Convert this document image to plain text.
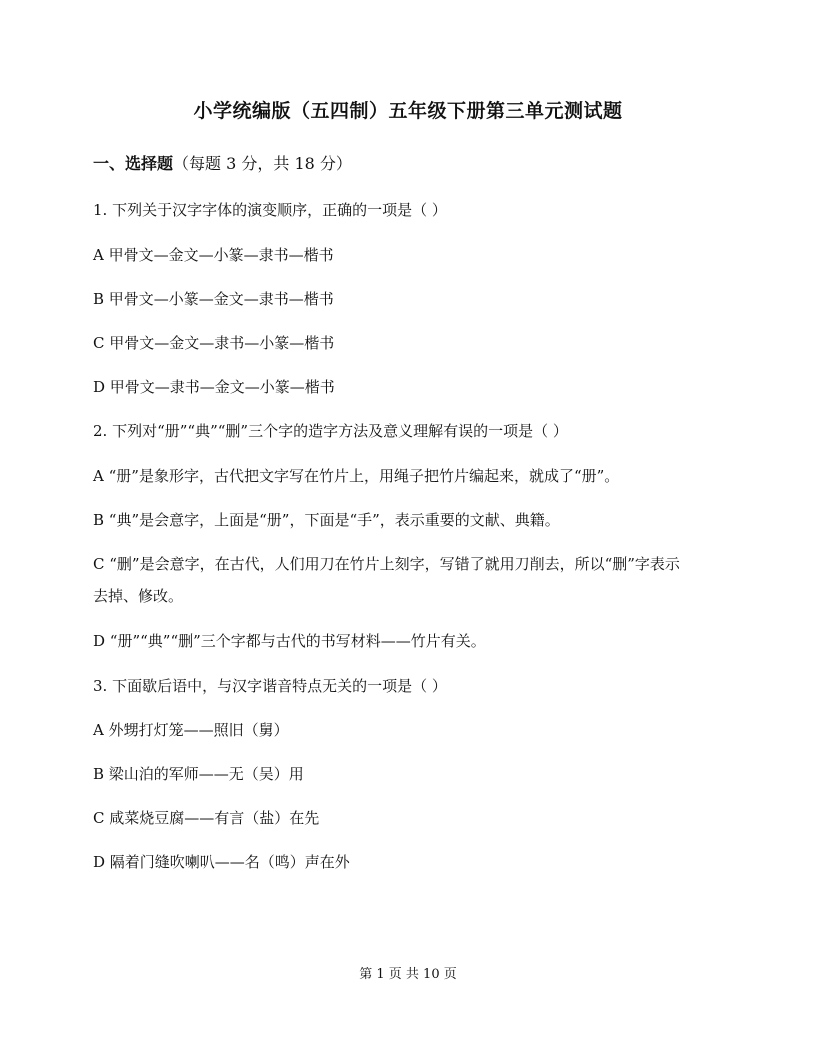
小学统编版（五四制）五年级下册第三单元测试题
一、选择题（每题 3 分，共 18 分）
1. 下列关于汉字字体的演变顺序，正确的一项是（ ）
A 甲骨文—金文—小篆—隶书—楷书
B 甲骨文—小篆—金文—隶书—楷书
C 甲骨文—金文—隶书—小篆—楷书
D 甲骨文—隶书—金文—小篆—楷书
2. 下列对“册”“典”“删”三个字的造字方法及意义理解有误的一项是（ ）
A “册”是象形字，古代把文字写在竹片上，用绳子把竹片编起来，就成了“册”。
B “典”是会意字，上面是“册”，下面是“手”，表示重要的文献、典籍。
C “删”是会意字，在古代，人们用刀在竹片上刻字，写错了就用刀削去，所以“删”字表示
去掉、修改。
D “册”“典”“删”三个字都与古代的书写材料——竹片有关。
3. 下面歇后语中，与汉字谐音特点无关的一项是（ ）
A 外甥打灯笼——照旧（舅）
B 梁山泊的军师——无（吴）用
C 咸菜烧豆腐——有言（盐）在先
D 隔着门缝吹喇叭——名（鸣）声在外
第 1 页 共 10 页
